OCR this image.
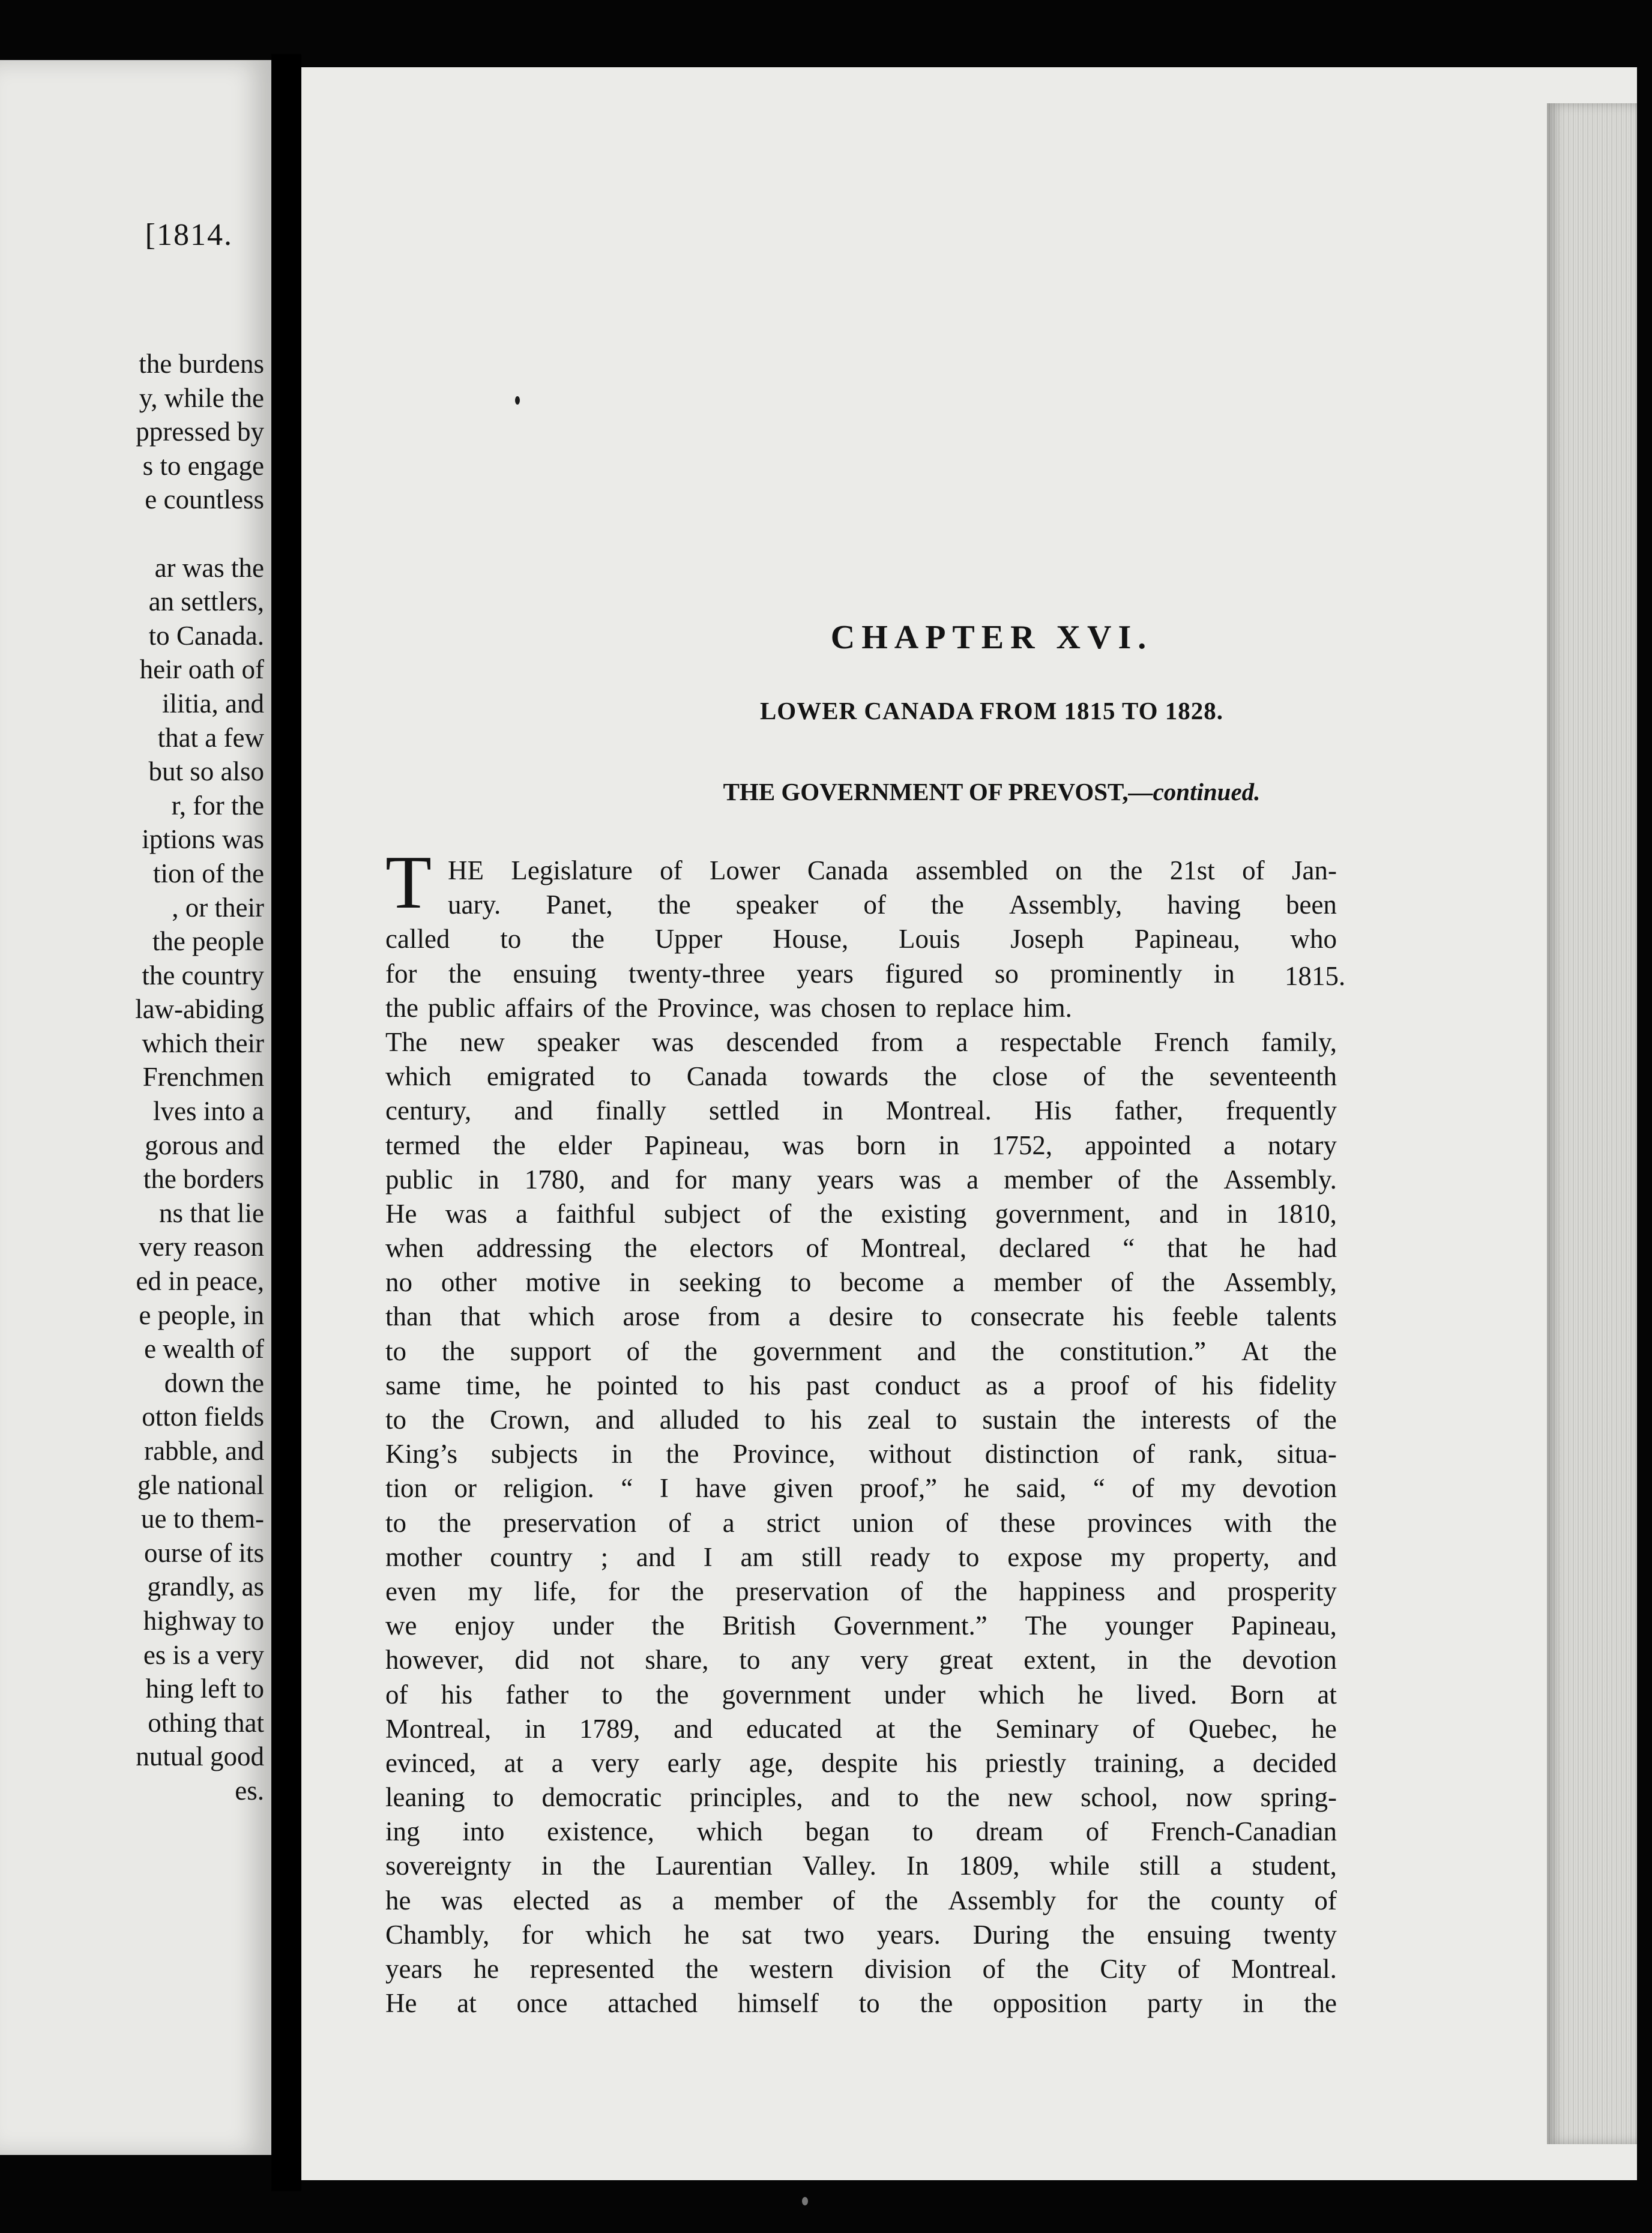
[1814.
the burdens
y, while the
ppressed by
s to engage
e countless

ar was the
an settlers,
to Canada.
heir oath of
ilitia, and
that a few
but so also
r, for the
iptions was
tion of the
, or their
the people
the country
law-abiding
which their
Frenchmen
lves into a
gorous and
the borders
ns that lie
very reason
ed in peace,
e people, in
e wealth of
down the
otton fields
rabble, and
gle national
ue to them-
ourse of its
grandly, as
highway to
es is a very
hing left to
othing that
nutual good
es.
CHAPTER XVI.
LOWER CANADA FROM 1815 TO 1828.
THE GOVERNMENT OF PREVOST,—continued.
T
1815.
HE Legislature of Lower Canada assembled on the 21st of Jan-
uary. Panet, the speaker of the Assembly, having been
called to the Upper House, Louis Joseph Papineau, who
for the ensuing twenty-three years figured so prominently in
the public affairs of the Province, was chosen to replace him.
The new speaker was descended from a respectable French family,
which emigrated to Canada towards the close of the seventeenth
century, and finally settled in Montreal. His father, frequently
termed the elder Papineau, was born in 1752, appointed a notary
public in 1780, and for many years was a member of the Assembly.
He was a faithful subject of the existing government, and in 1810,
when addressing the electors of Montreal, declared “ that he had
no other motive in seeking to become a member of the Assembly,
than that which arose from a desire to consecrate his feeble talents
to the support of the government and the constitution.” At the
same time, he pointed to his past conduct as a proof of his fidelity
to the Crown, and alluded to his zeal to sustain the interests of the
King’s subjects in the Province, without distinction of rank, situa-
tion or religion. “ I have given proof,” he said, “ of my devotion
to the preservation of a strict union of these provinces with the
mother country ; and I am still ready to expose my property, and
even my life, for the preservation of the happiness and prosperity
we enjoy under the British Government.” The younger Papineau,
however, did not share, to any very great extent, in the devotion
of his father to the government under which he lived. Born at
Montreal, in 1789, and educated at the Seminary of Quebec, he
evinced, at a very early age, despite his priestly training, a decided
leaning to democratic principles, and to the new school, now spring-
ing into existence, which began to dream of French-Canadian
sovereignty in the Laurentian Valley. In 1809, while still a student,
he was elected as a member of the Assembly for the county of
Chambly, for which he sat two years. During the ensuing twenty
years he represented the western division of the City of Montreal.
He at once attached himself to the opposition party in the
